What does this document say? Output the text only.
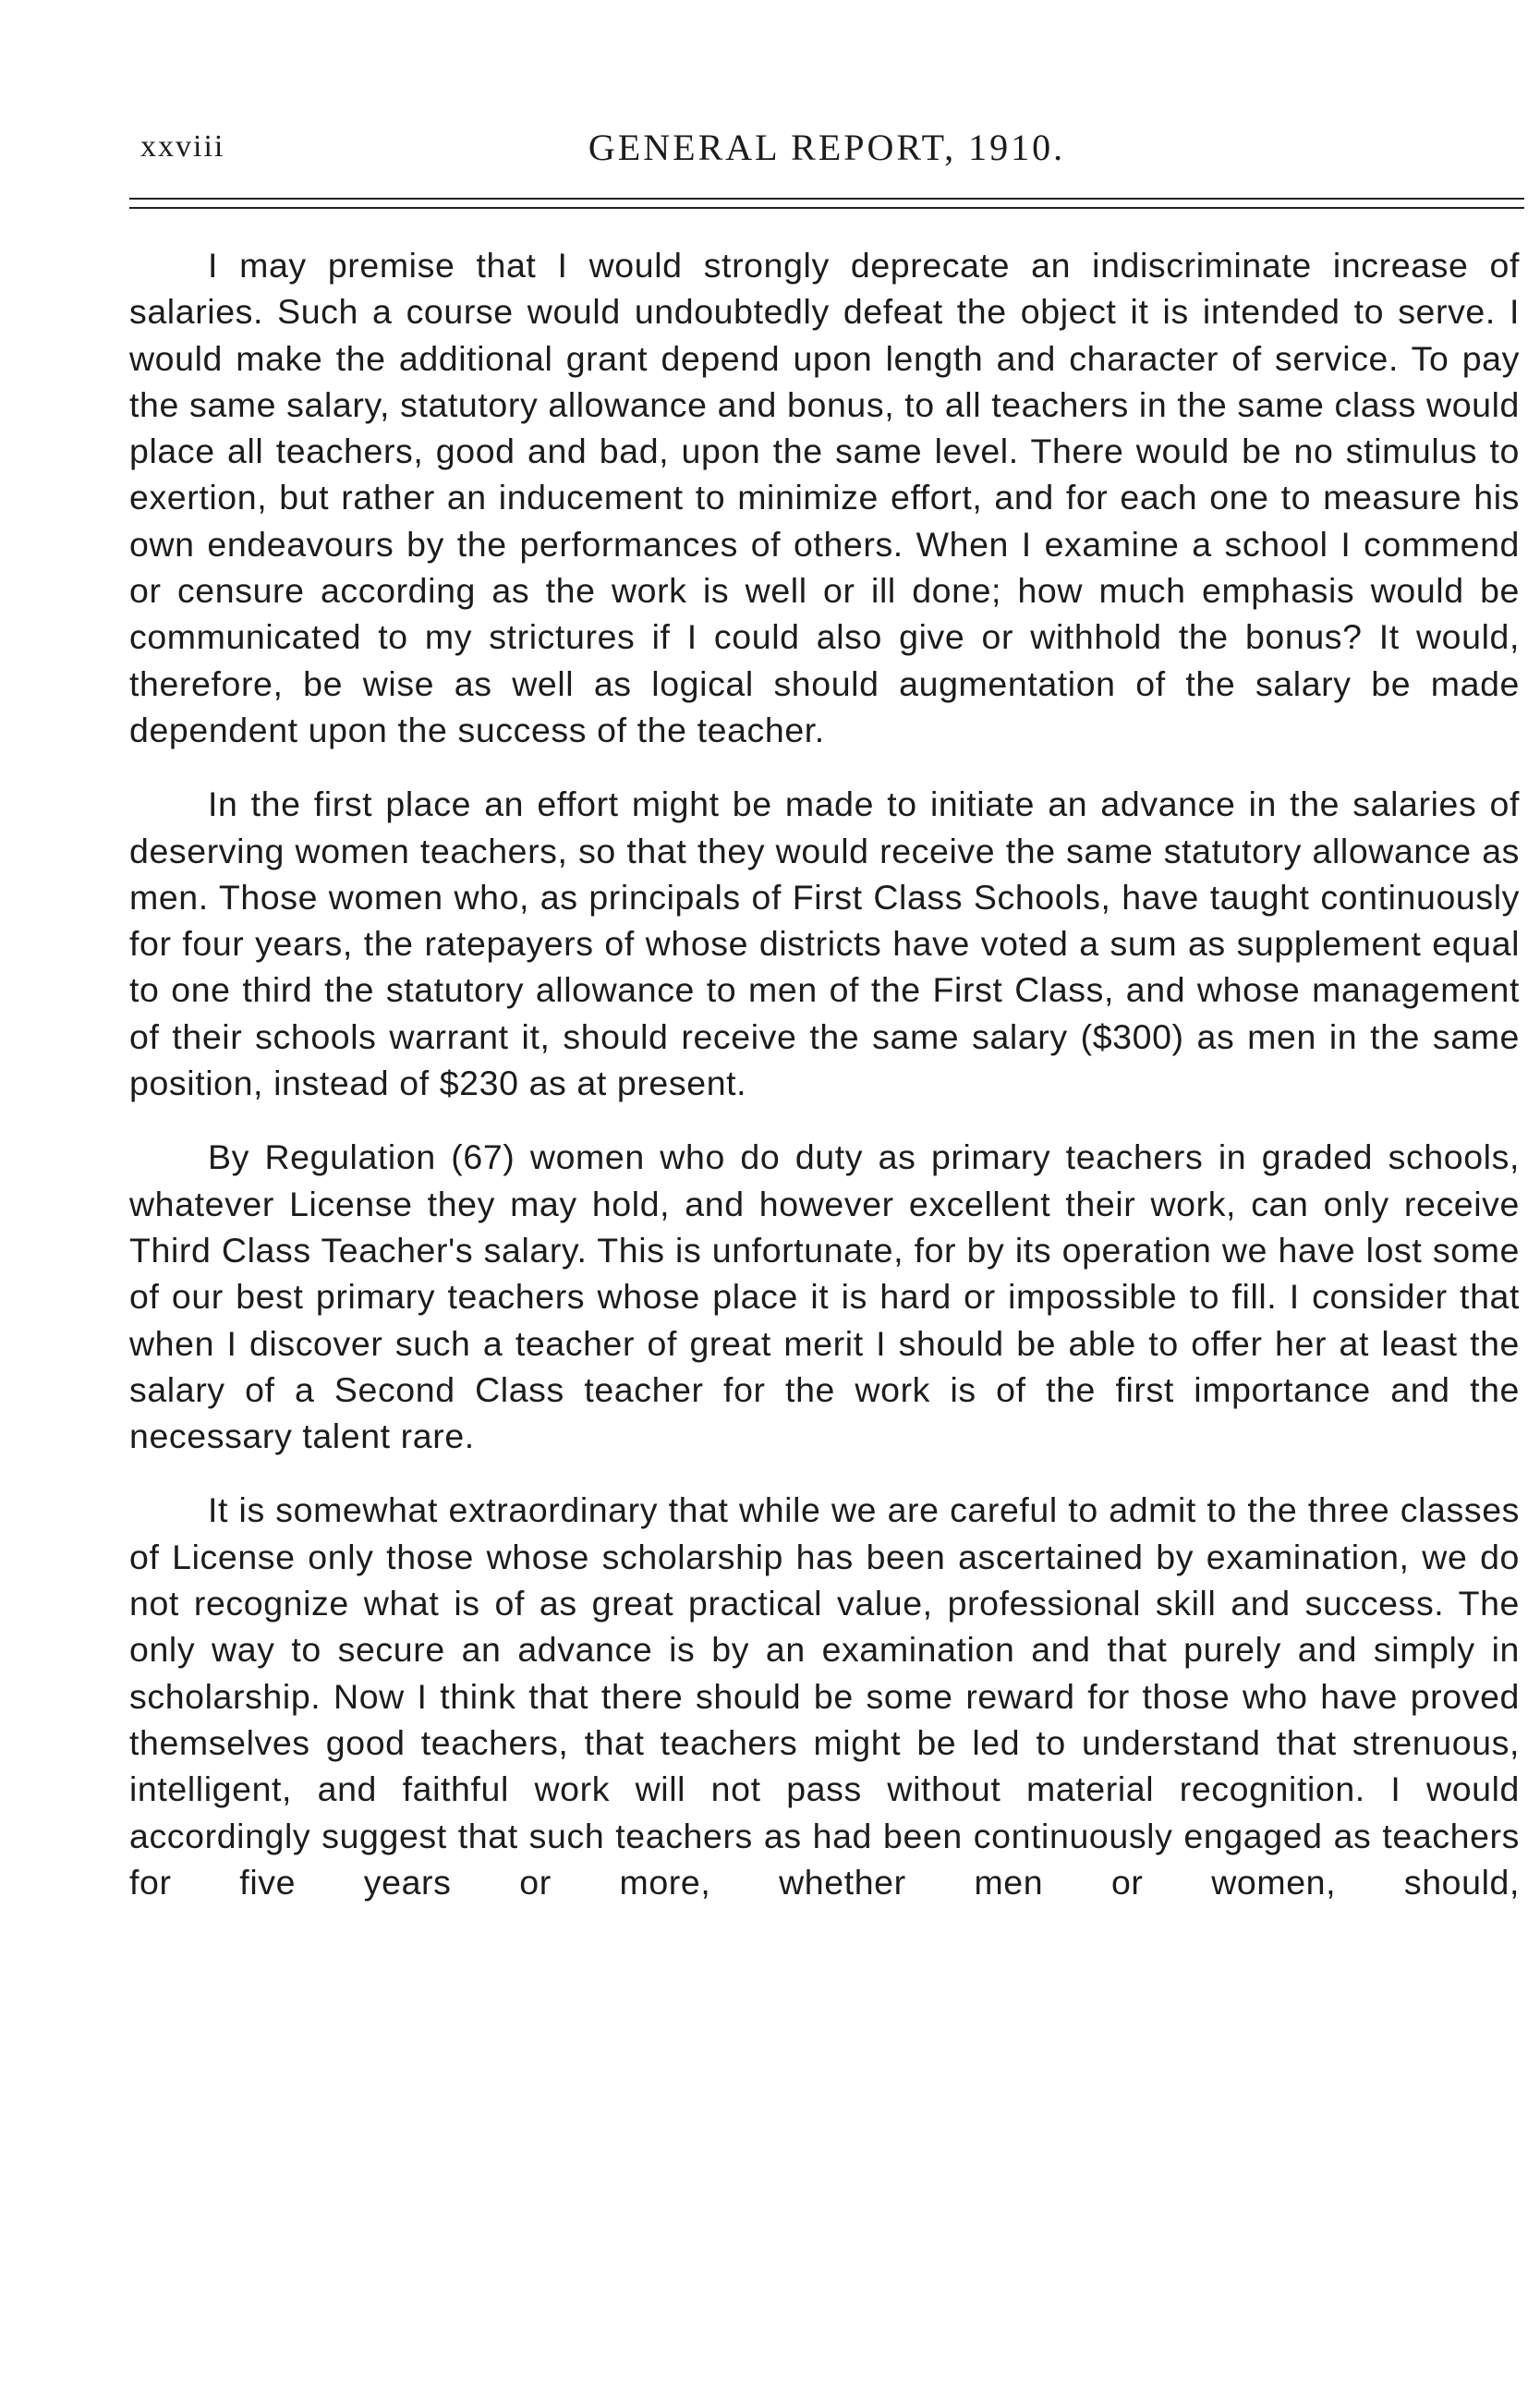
xxviii	GENERAL REPORT, 1910.

I may premise that I would strongly deprecate an indiscriminate increase of salaries. Such a course would undoubtedly defeat the object it is intended to serve. I would make the additional grant depend upon length and character of service. To pay the same salary, statutory allowance and bonus, to all teachers in the same class would place all teachers, good and bad, upon the same level. There would be no stimulus to exertion, but rather an inducement to minimize effort, and for each one to measure his own endeavours by the performances of others. When I examine a school I commend or censure according as the work is well or ill done; how much emphasis would be communicated to my strictures if I could also give or withhold the bonus? It would, therefore, be wise as well as logical should augmentation of the salary be made dependent upon the success of the teacher.

In the first place an effort might be made to initiate an advance in the salaries of deserving women teachers, so that they would receive the same statutory allowance as men. Those women who, as principals of First Class Schools, have taught continuously for four years, the ratepayers of whose districts have voted a sum as supplement equal to one third the statutory allowance to men of the First Class, and whose management of their schools warrant it, should receive the same salary ($300) as men in the same position, instead of $230 as at present.

By Regulation (67) women who do duty as primary teachers in graded schools, whatever License they may hold, and however excellent their work, can only receive Third Class Teacher's salary. This is unfortunate, for by its operation we have lost some of our best primary teachers whose place it is hard or impossible to fill. I consider that when I discover such a teacher of great merit I should be able to offer her at least the salary of a Second Class teacher for the work is of the first importance and the necessary talent rare.

It is somewhat extraordinary that while we are careful to admit to the three classes of License only those whose scholarship has been ascertained by examination, we do not recognize what is of as great practical value, professional skill and success. The only way to secure an advance is by an examination and that purely and simply in scholarship. Now I think that there should be some reward for those who have proved themselves good teachers, that teachers might be led to understand that strenuous, intelligent, and faithful work will not pass without material recognition. I would accordingly suggest that such teachers as had been continuously engaged as teachers for five years or more, whether men or women, should,
